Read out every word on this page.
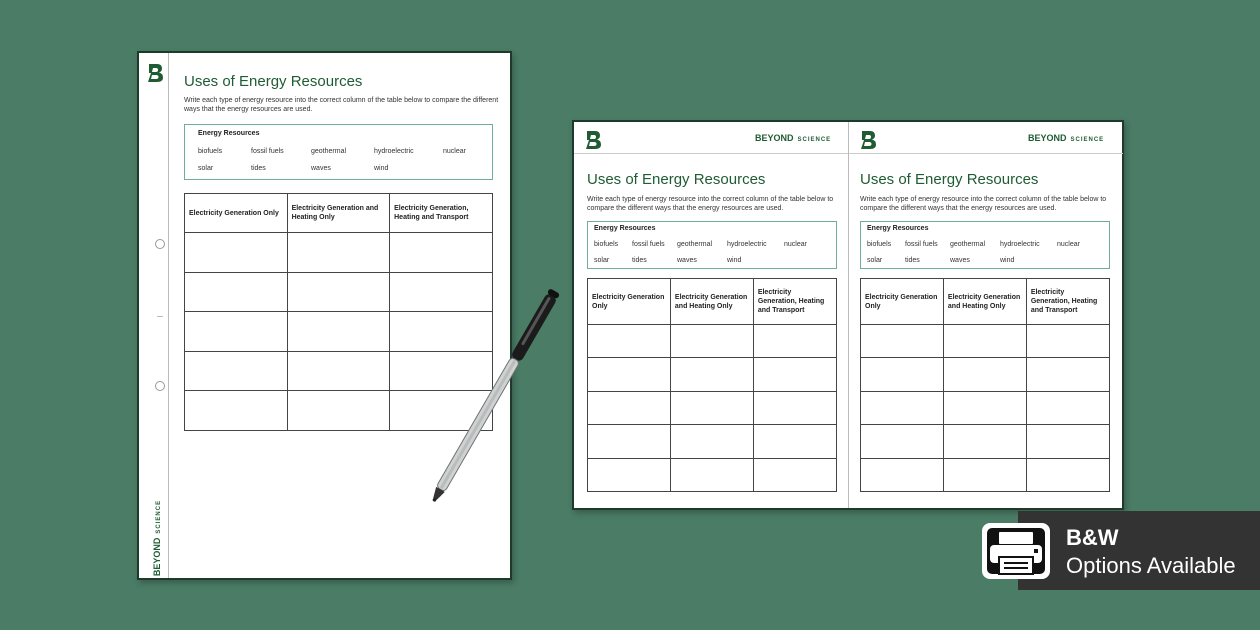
BEYONDSCIENCE
Uses of Energy Resources
Write each type of energy resource into the correct column of the table below to compare the different ways that the energy resources are used.
Energy Resources
biofuels	fossil fuels	geothermal	hydroelectric	nuclear
solar	tides	waves	wind
Electricity Generation Only	Electricity Generation and Heating Only	Electricity Generation, Heating and Transport

BEYOND SCIENCE
Uses of Energy Resources
Write each type of energy resource into the correct column of the table below to compare the different ways that the energy resources are used.
Energy Resources
biofuels fossil fuels geothermal hydroelectric nuclear
solar	tides	waves	wind
Electricity Generation Only	Electricity Generation and Heating Only	Electricity Generation, Heating and Transport

BEYOND SCIENCE
Uses of Energy Resources
Write each type of energy resource into the correct column of the table below to compare the different ways that the energy resources are used.
Energy Resources
biofuels fossil fuels geothermal hydroelectric nuclear
solar	tides	waves	wind
Electricity Generation Only	Electricity Generation and Heating Only	Electricity Generation, Heating and Transport

B&W
Options Available
